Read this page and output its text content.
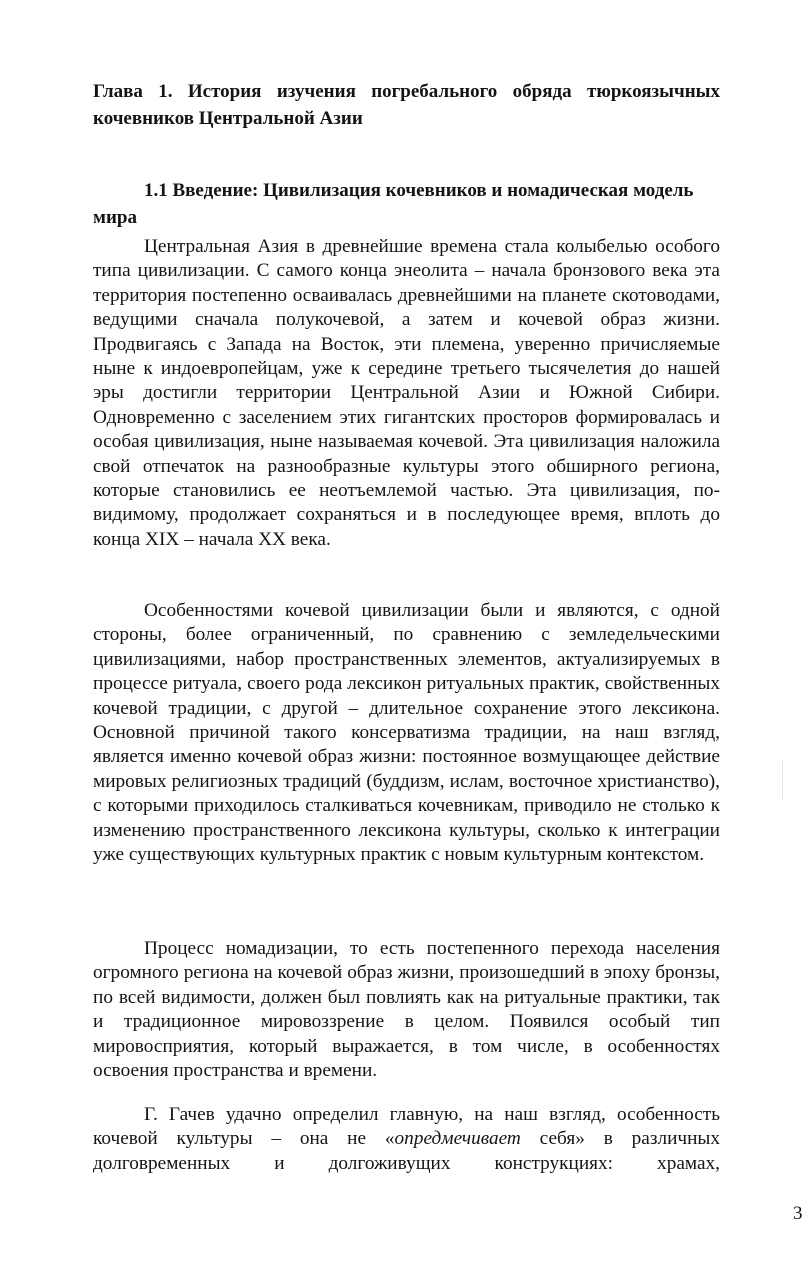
Глава 1. История изучения погребального обряда тюркоязычных кочевников Центральной Азии
1.1 Введение: Цивилизация кочевников и номадическая модель мира

Центральная Азия в древнейшие времена стала колыбелью особого типа цивилизации. С самого конца энеолита – начала бронзового века эта территория постепенно осваивалась древнейшими на планете скотоводами, ведущими сначала полукочевой, а затем и кочевой образ жизни. Продвигаясь с Запада на Восток, эти племена, уверенно причисляемые ныне к индоевропейцам, уже к середине третьего тысячелетия до нашей эры достигли территории Центральной Азии и Южной Сибири. Одновременно с заселением этих гигантских просторов формировалась и особая цивилизация, ныне называемая кочевой. Эта цивилизация наложила свой отпечаток на разнообразные культуры этого обширного региона, которые становились ее неотъемлемой частью. Эта цивилизация, по-видимому, продолжает сохраняться и в последующее время, вплоть до конца XIX – начала XX века.

Особенностями кочевой цивилизации были и являются, с одной стороны, более ограниченный, по сравнению с земледельческими цивилизациями, набор пространственных элементов, актуализируемых в процессе ритуала, своего рода лексикон ритуальных практик, свойственных кочевой традиции, с другой – длительное сохранение этого лексикона. Основной причиной такого консерватизма традиции, на наш взгляд, является именно кочевой образ жизни: постоянное возмущающее действие мировых религиозных традиций (буддизм, ислам, восточное христианство), с которыми приходилось сталкиваться кочевникам, приводило не столько к изменению пространственного лексикона культуры, сколько к интеграции уже существующих культурных практик с новым культурным контекстом.

Процесс номадизации, то есть постепенного перехода населения огромного региона на кочевой образ жизни, произошедший в эпоху бронзы, по всей видимости, должен был повлиять как на ритуальные практики, так и традиционное мировоззрение в целом. Появился особый тип мировосприятия, который выражается, в том числе, в особенностях освоения пространства и времени.

Г. Гачев удачно определил главную, на наш взгляд, особенность кочевой культуры – она не «опредмечивает себя» в различных долговременных и долгоживущих конструкциях: храмах,

3
